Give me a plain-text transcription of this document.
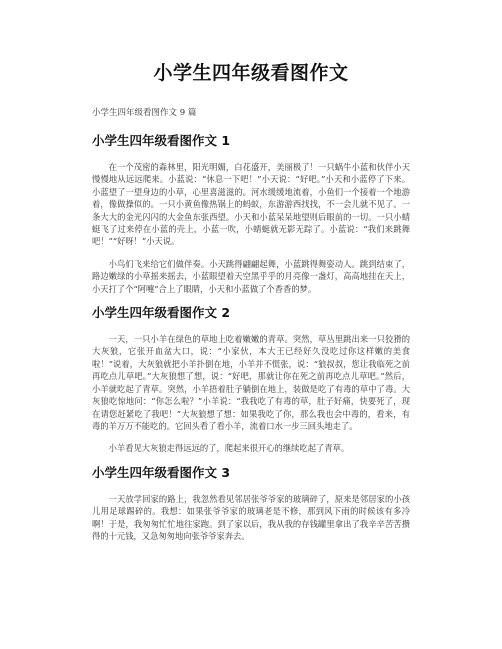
小学生四年级看图作文

小学生四年级看图作文 9 篇

小学生四年级看图作文 1

在一个茂密的森林里，阳光明媚，白花盛开，美丽极了！一只蜗牛小蓝和伙伴小天慢慢地从远远爬来。小蓝说：“休息一下吧！”小天说：“好吧。”小天和小蓝停了下来。小蓝望了一望身边的小草，心里喜滋滋的。河水缓缓地流着，小鱼们一个接着一个地游着，像做操似的。一只小黄鱼像热锅上的蚂蚁，东游游西找找，不一会儿就不见了。一条大大的金光闪闪的大金鱼东张西望。小天和小蓝呆呆地望则后眼前的一切。一只小蜻蜓飞了过来停在小蓝的壳上，小蓝一吹，小蜻蜓就无影无踪了。小蓝说：“我们来跳舞吧！”“好呀！”小天说。

小鸟们飞来给它们做伴奏。小天跳得翩翩起舞，小蓝跳得舞姿动人。跳到结束了，路边嫩绿的小草摇来摇去，小蓝眼望着天空黑乎乎的月亮像一盏灯，高高地挂在天上，小天打了个“阿嚏”合上了眼睛，小天和小蓝做了个香香的梦。

小学生四年级看图作文 2

一天，一只小羊在绿色的草地上吃着嫩嫩的青草。突然，草丛里跳出来一只狡猾的大灰狼，它张开血盆大口，说：“小家伙，本大王已经好久没吃过你这样嫩的美食啦！”说着，大灰狼就把小羊扑倒在地，小羊并不慌张，说：“狼叔叔，您让我临死之前再吃点儿草吧。”大灰狼想了想，说：“好吧，那就让你在死之前再吃点儿草吧。”然后，小羊就吃起了青草。突然，小羊捂着肚子躺倒在地上，装做是吃了有毒的草中了毒。大灰狼吃惊地问：“你怎么啦？”小羊说：“我我吃了有毒的草，肚子好痛，快要死了，现在请您赶紧吃了我吧！”大灰狼想了想：如果我吃了你，那么我也会中毒的，看来，有毒的羊万万不能吃的。它回头看了看小羊，流着口水一步三回头地走了。

小羊看见大灰狼走得远远的了，爬起来很开心的继续吃起了青草。

小学生四年级看图作文 3

一天放学回家的路上，我忽然看见邻居张爷爷家的玻璃碎了，原来是邻居家的小孩儿用足球踢碎的。我想：如果张爷爷家的玻璃老是不修，那到风下雨的时候该有多冷啊！于是，我匆匆忙忙地往家跑。到了家以后，我从我的存钱罐里拿出了我辛辛苦苦攒得的十元钱，又急匆匆地向张爷爷家奔去。
